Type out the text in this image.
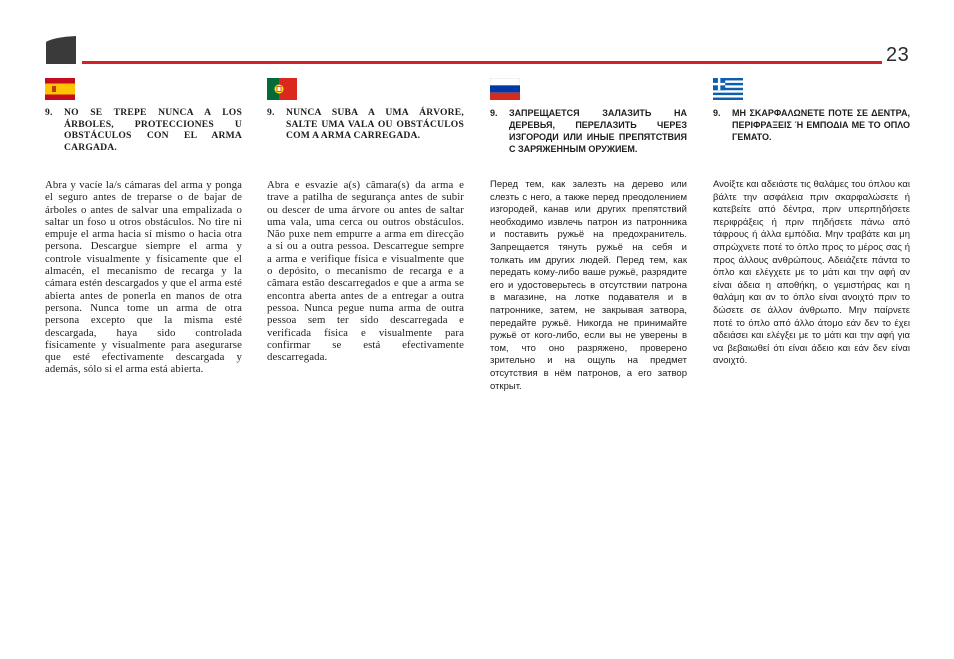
23
9.	NO SE TREPE NUNCA A LOS ÁRBOLES, PROTECCIONES U OBSTÁCULOS CON EL ARMA CARGADA.
Abra y vacíe la/s cámaras del arma y ponga el seguro antes de treparse o de bajar de árboles o antes de salvar una empalizada o saltar un foso u otros obstáculos. No tire ni empuje el arma hacia sí mismo o hacia otra persona. Descargue siempre el arma y controle visualmente y físicamente que el almacén, el mecanismo de recarga y la cámara estén descargados y que el arma esté abierta antes de ponerla en manos de otra persona. Nunca tome un arma de otra persona excepto que la misma esté descargada, haya sido controlada físicamente y visualmente para asegurarse que esté efectivamente descargada y además, sólo si el arma está abierta.
9.	NUNCA SUBA A UMA ÁRVORE, SALTE UMA VALA OU OBSTÁCULOS COM A ARMA CARREGADA.
Abra e esvazie a(s) câmara(s) da arma e trave a patilha de segurança antes de subir ou descer de uma árvore ou antes de saltar uma vala, uma cerca ou outros obstáculos. Não puxe nem empurre a arma em direcção a si ou a outra pessoa. Descarregue sempre a arma e verifique física e visualmente que o depósito, o mecanismo de recarga e a câmara estão descarregados e que a arma se encontra aberta antes de a entregar a outra pessoa. Nunca pegue numa arma de outra pessoa sem ter sido descarregada e verificada física e visualmente para confirmar se está efectivamente descarregada.
9.	ЗАПРЕЩАЕТСЯ ЗАЛАЗИТЬ НА ДЕРЕВЬЯ, ПЕРЕЛАЗИТЬ ЧЕРЕЗ ИЗГОРОДИ ИЛИ ИНЫЕ ПРЕПЯТСТВИЯ С ЗАРЯЖЕННЫМ ОРУЖИЕМ.
Перед тем, как залезть на дерево или слезть с него, а также перед преодолением изгородей, канав или других препятствий необходимо извлечь патрон из патронника и поставить ружьё на предохранитель. Запрещается тянуть ружьё на себя и толкать им других людей. Перед тем, как передать кому-либо ваше ружьё, разрядите его и удостоверьтесь в отсутствии патрона в магазине, на лотке подавателя и в патроннике, затем, не закрывая затвора, передайте ружьё. Никогда не принимайте ружьё от кого-либо, если вы не уверены в том, что оно разряжено, проверено зрительно и на ощупь на предмет отсутствия в нём патронов, а его затвор открыт.
9.	ΜΗ ΣΚΑΡΦΑΛΩΝΕΤΕ ΠΟΤΕ ΣΕ ΔΕΝΤΡΑ, ΠΕΡΙΦΡΑΞΕΙΣ Ή ΕΜΠΟΔΙΑ ΜΕ ΤΟ ΟΠΛΟ ΓΕΜΑΤΟ.
Ανοίξτε και αδειάστε τις θαλάμες του όπλου και βάλτε την ασφάλεια πριν σκαρφαλώσετε ή κατεβείτε από δέντρα, πριν υπερπηδήσετε περιφράξεις ή πριν πηδήσετε πάνω από τάφρους ή άλλα εμπόδια. Μην τραβάτε και μη σπρώχνετε ποτέ το όπλο προς το μέρος σας ή προς άλλους ανθρώπους. Αδειάζετε πάντα το όπλο και ελέγχετε με το μάτι και την αφή αν είναι άδεια η αποθήκη, ο γεμιστήρας και η θαλάμη και αν το όπλο είναι ανοιχτό πριν το δώσετε σε άλλον άνθρωπο. Μην παίρνετε ποτέ το όπλο από άλλο άτομο εάν δεν το έχει αδειάσει και ελέγξει με το μάτι και την αφή για να βεβαιωθεί ότι είναι άδειο και εάν δεν είναι ανοιχτό.
